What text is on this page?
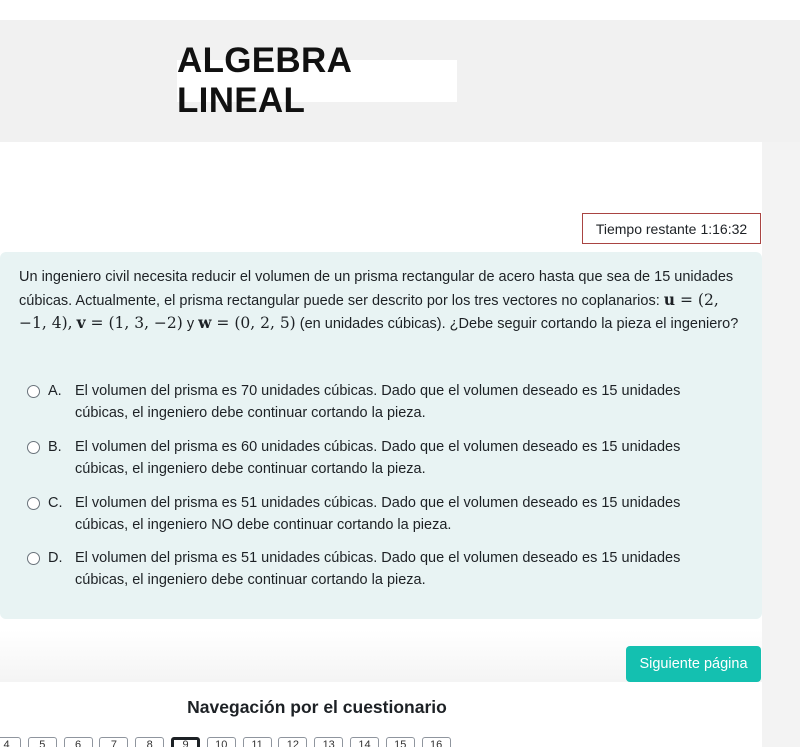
ALGEBRA LINEAL
Tiempo restante 1:16:32
Un ingeniero civil necesita reducir el volumen de un prisma rectangular de acero hasta que sea de 15 unidades cúbicas. Actualmente, el prisma rectangular puede ser descrito por los tres vectores no coplanarios: u = (2, −1, 4), v = (1, 3, −2) y w = (0, 2, 5) (en unidades cúbicas). ¿Debe seguir cortando la pieza el ingeniero?
A. El volumen del prisma es 70 unidades cúbicas. Dado que el volumen deseado es 15 unidades cúbicas, el ingeniero debe continuar cortando la pieza.
B. El volumen del prisma es 60 unidades cúbicas. Dado que el volumen deseado es 15 unidades cúbicas, el ingeniero debe continuar cortando la pieza.
C. El volumen del prisma es 51 unidades cúbicas. Dado que el volumen deseado es 15 unidades cúbicas, el ingeniero NO debe continuar cortando la pieza.
D. El volumen del prisma es 51 unidades cúbicas. Dado que el volumen deseado es 15 unidades cúbicas, el ingeniero debe continuar cortando la pieza.
Siguiente página
Navegación por el cuestionario
4	5	6	7	8	9	10	11	12	13	14	15	16
